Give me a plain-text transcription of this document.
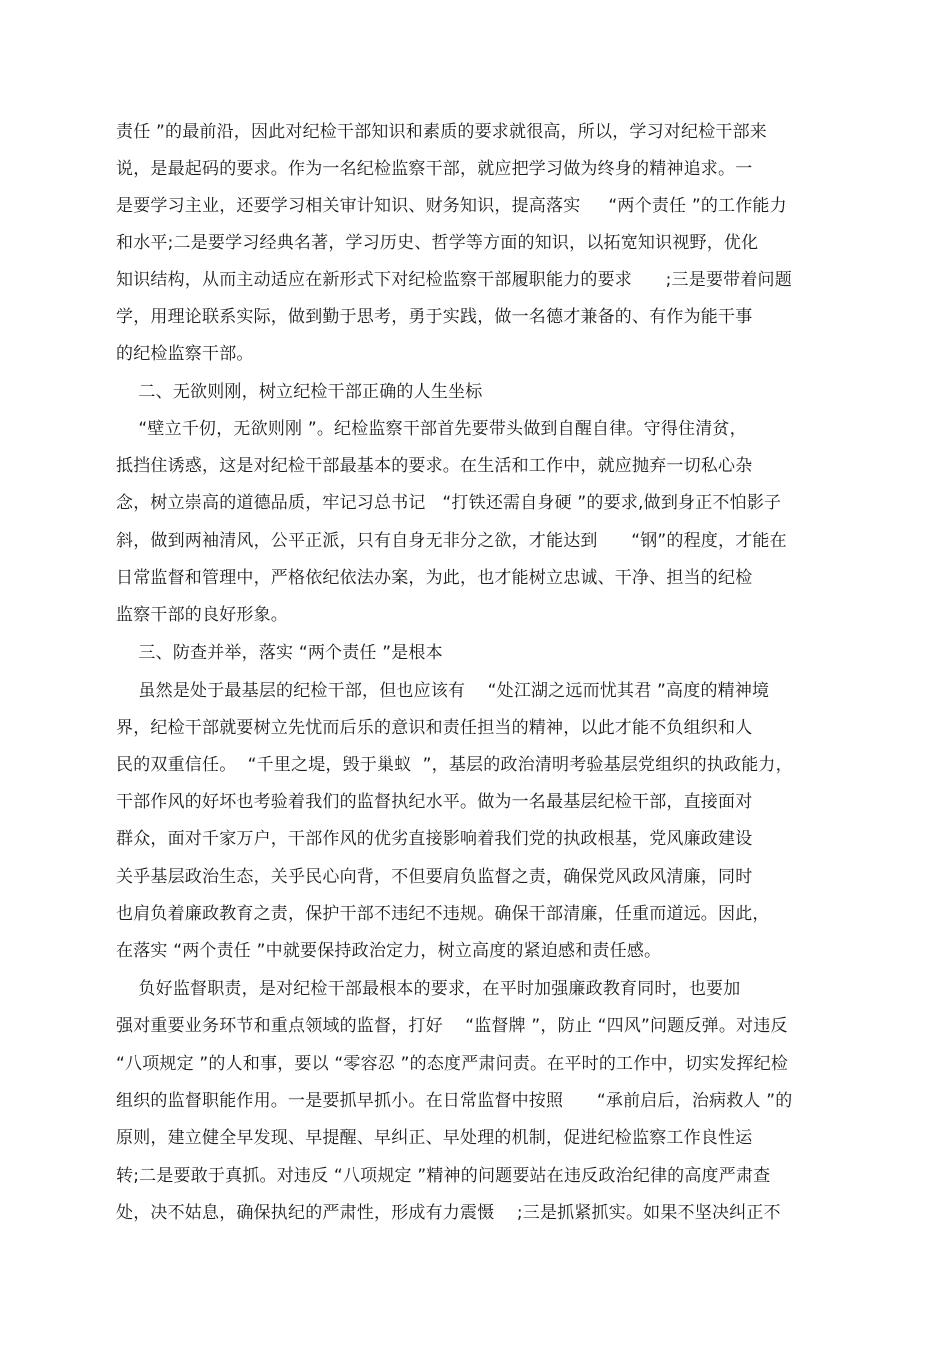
责任 ”的最前沿，因此对纪检干部知识和素质的要求就很高，所以，学习对纪检干部来
说，是最起码的要求。作为一名纪检监察干部，就应把学习做为终身的精神追求。一
是要学习主业，还要学习相关审计知识、财务知识，提高落实     “两个责任 ”的工作能力
和水平;二是要学习经典名著，学习历史、哲学等方面的知识，以拓宽知识视野，优化
知识结构，从而主动适应在新形式下对纪检监察干部履职能力的要求      ;三是要带着问题
学，用理论联系实际，做到勤于思考，勇于实践，做一名德才兼备的、有作为能干事
的纪检监察干部。
二、无欲则刚，树立纪检干部正确的人生坐标
“壁立千仞，无欲则刚 ”。纪检监察干部首先要带头做到自醒自律。守得住清贫，
抵挡住诱惑，这是对纪检干部最基本的要求。在生活和工作中，就应抛弃一切私心杂
念，树立崇高的道德品质，牢记习总书记   “打铁还需自身硬 ”的要求,做到身正不怕影子
斜，做到两袖清风，公平正派，只有自身无非分之欲，才能达到      “钢”的程度，才能在
日常监督和管理中，严格依纪依法办案，为此，也才能树立忠诚、干净、担当的纪检
监察干部的良好形象。
三、防查并举，落实 “两个责任 ”是根本
虽然是处于最基层的纪检干部，但也应该有    “处江湖之远而忧其君 ”高度的精神境
界，纪检干部就要树立先忧而后乐的意识和责任担当的精神，以此才能不负组织和人
民的双重信任。  “千里之堤，毁于巢蚁  ”，基层的政治清明考验基层党组织的执政能力，
干部作风的好坏也考验着我们的监督执纪水平。做为一名最基层纪检干部，直接面对
群众，面对千家万户，干部作风的优劣直接影响着我们党的执政根基，党风廉政建设
关乎基层政治生态，关乎民心向背，不但要肩负监督之责，确保党风政风清廉，同时
也肩负着廉政教育之责，保护干部不违纪不违规。确保干部清廉，任重而道远。因此，
在落实 “两个责任 ”中就要保持政治定力，树立高度的紧迫感和责任感。
负好监督职责，是对纪检干部最根本的要求，在平时加强廉政教育同时，也要加
强对重要业务环节和重点领域的监督，打好    “监督牌 ”，防止 “四风”问题反弹。对违反
“八项规定 ”的人和事，要以 “零容忍 ”的态度严肃问责。在平时的工作中，切实发挥纪检
组织的监督职能作用。一是要抓早抓小。在日常监督中按照      “承前启后，治病救人 ”的
原则，建立健全早发现、早提醒、早纠正、早处理的机制，促进纪检监察工作良性运
转;二是要敢于真抓。对违反 “八项规定 ”精神的问题要站在违反政治纪律的高度严肃查
处，决不姑息，确保执纪的严肃性，形成有力震慑    ;三是抓紧抓实。如果不坚决纠正不
